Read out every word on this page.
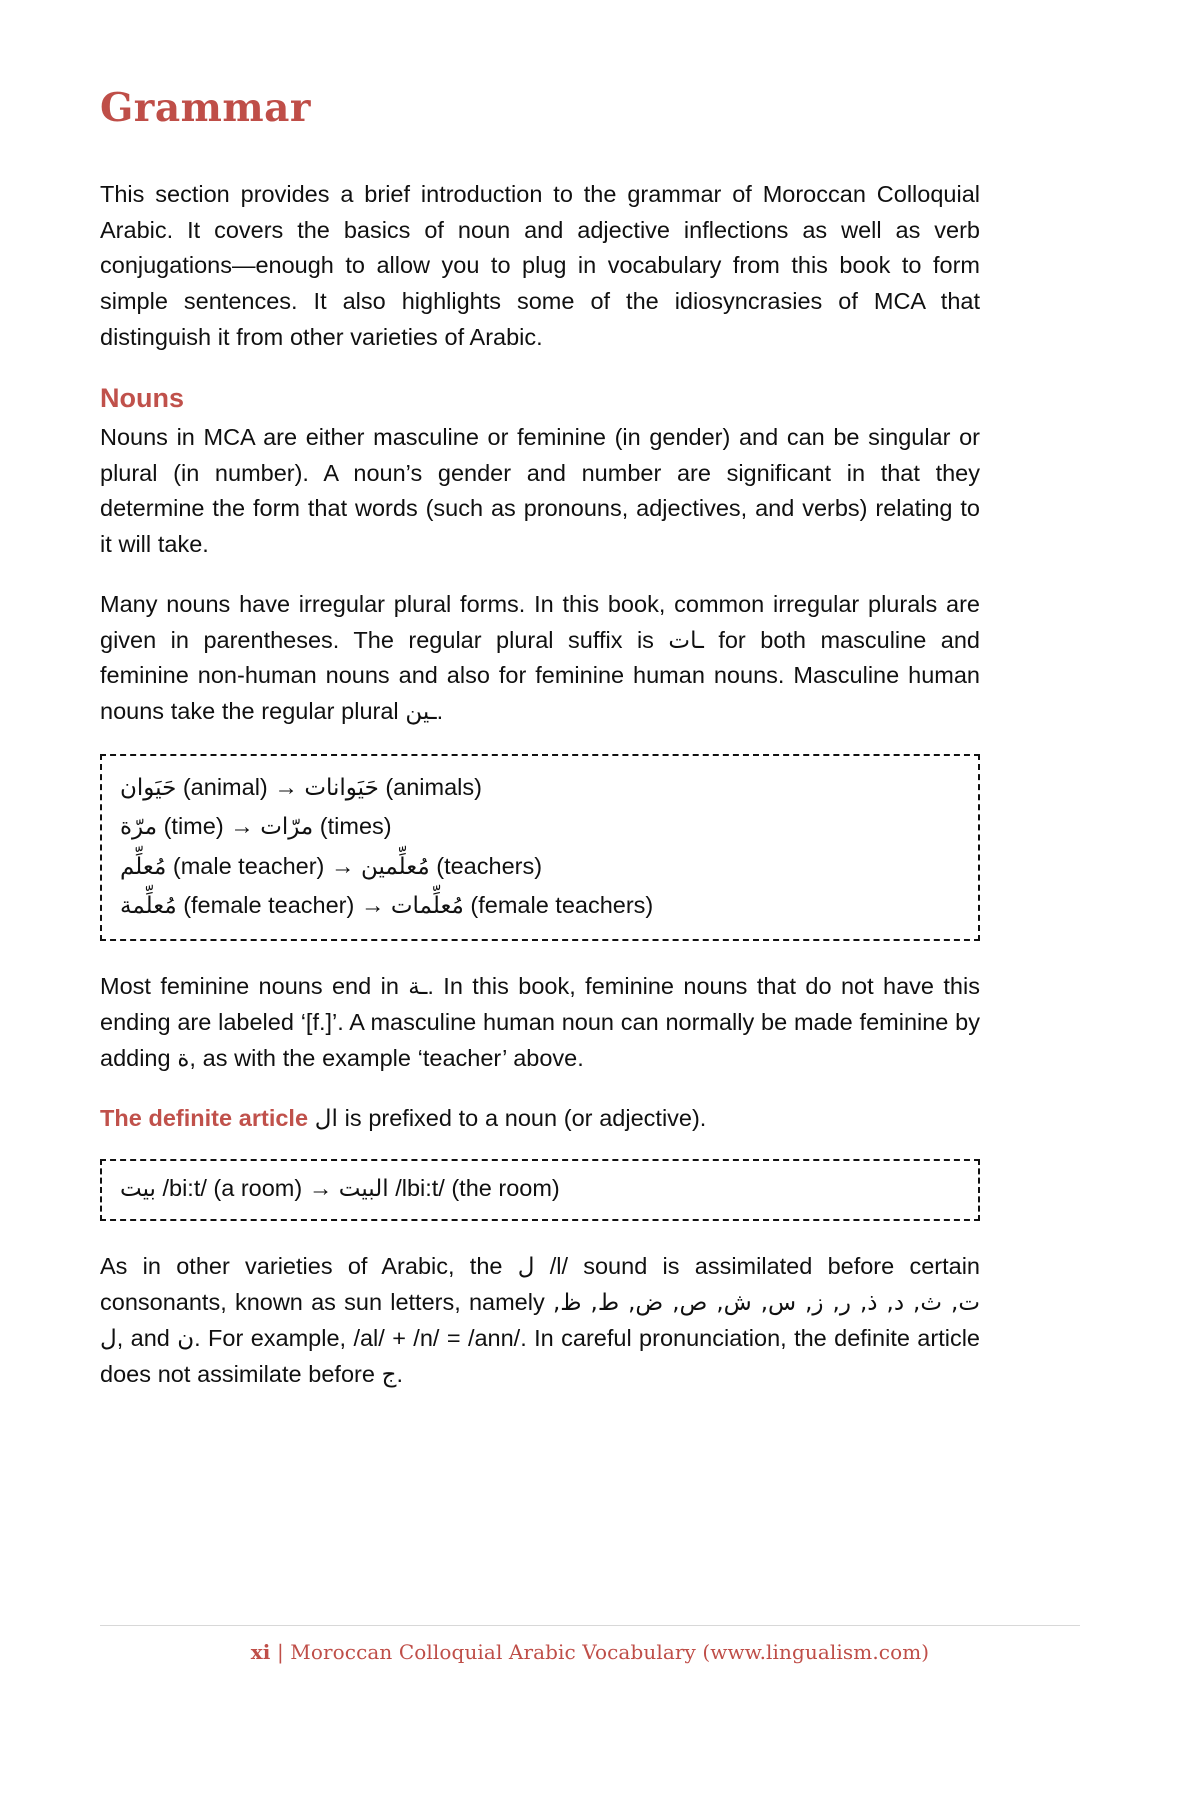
Grammar

This section provides a brief introduction to the grammar of Moroccan Colloquial Arabic. It covers the basics of noun and adjective inflections as well as verb conjugations—enough to allow you to plug in vocabulary from this book to form simple sentences. It also highlights some of the idiosyncrasies of MCA that distinguish it from other varieties of Arabic.

Nouns

Nouns in MCA are either masculine or feminine (in gender) and can be singular or plural (in number). A noun’s gender and number are significant in that they determine the form that words (such as pronouns, adjectives, and verbs) relating to it will take.

Many nouns have irregular plural forms. In this book, common irregular plurals are given in parentheses. The regular plural suffix is ـات for both masculine and feminine non-human nouns and also for feminine human nouns. Masculine human nouns take the regular plural ـين.

حَيَوان (animal) → حَيَوانات (animals)
مرّة (time) → مرّات (times)
مُعلِّم (male teacher) → مُعلِّمين (teachers)
مُعلِّمة (female teacher) → مُعلِّمات (female teachers)

Most feminine nouns end in ـة. In this book, feminine nouns that do not have this ending are labeled ‘[f.]’. A masculine human noun can normally be made feminine by adding ة, as with the example ‘teacher’ above.

The definite article ال is prefixed to a noun (or adjective).

بيت /bi:t/ (a room) → البيت /lbi:t/ (the room)

As in other varieties of Arabic, the ل /l/ sound is assimilated before certain consonants, known as sun letters, namely ت, ث, د, ذ, ر, ز, س, ش, ص, ض, ط, ظ, ل, and ن. For example, /al/ + /n/ = /ann/. In careful pronunciation, the definite article does not assimilate before ج.

xi | Moroccan Colloquial Arabic Vocabulary (www.lingualism.com)
